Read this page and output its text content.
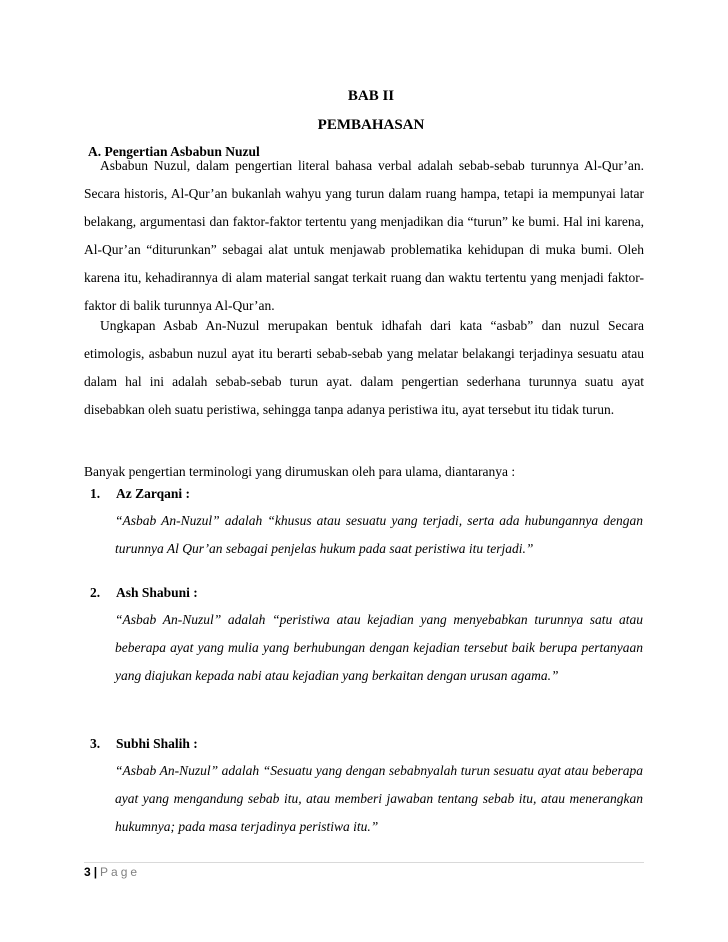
BAB II
PEMBAHASAN
A. Pengertian Asbabun Nuzul
Asbabun Nuzul, dalam pengertian literal bahasa verbal adalah sebab-sebab turunnya Al-Qur’an. Secara historis, Al-Qur’an bukanlah wahyu yang turun dalam ruang hampa, tetapi ia mempunyai latar belakang, argumentasi dan faktor-faktor tertentu yang menjadikan dia “turun” ke bumi. Hal ini karena, Al-Qur’an “diturunkan” sebagai alat untuk menjawab problematika kehidupan di muka bumi. Oleh karena itu, kehadirannya di alam material sangat terkait ruang dan waktu tertentu yang menjadi faktor-faktor di balik turunnya Al-Qur’an.
Ungkapan Asbab An-Nuzul merupakan bentuk idhafah dari kata “asbab” dan nuzul Secara etimologis, asbabun nuzul ayat itu berarti sebab-sebab yang melatar belakangi terjadinya sesuatu atau dalam hal ini adalah sebab-sebab turun ayat. dalam pengertian sederhana turunnya suatu ayat disebabkan oleh suatu peristiwa, sehingga tanpa adanya peristiwa itu, ayat tersebut itu tidak turun.
Banyak pengertian terminologi yang dirumuskan oleh para ulama, diantaranya :
1. Az Zarqani :
“Asbab An-Nuzul” adalah “khusus atau sesuatu yang terjadi, serta ada hubungannya dengan turunnya Al Qur’an sebagai penjelas hukum pada saat peristiwa itu terjadi.”
2. Ash Shabuni :
“Asbab An-Nuzul” adalah “peristiwa atau kejadian yang menyebabkan turunnya satu atau beberapa ayat yang mulia yang berhubungan dengan kejadian tersebut baik berupa pertanyaan yang diajukan kepada nabi atau kejadian yang berkaitan dengan urusan agama.”
3. Subhi Shalih :
“Asbab An-Nuzul” adalah “Sesuatu yang dengan sebabnyalah turun sesuatu ayat atau beberapa ayat yang mengandung sebab itu, atau memberi jawaban tentang sebab itu, atau menerangkan hukumnya; pada masa terjadinya peristiwa itu.”
3 | Page
